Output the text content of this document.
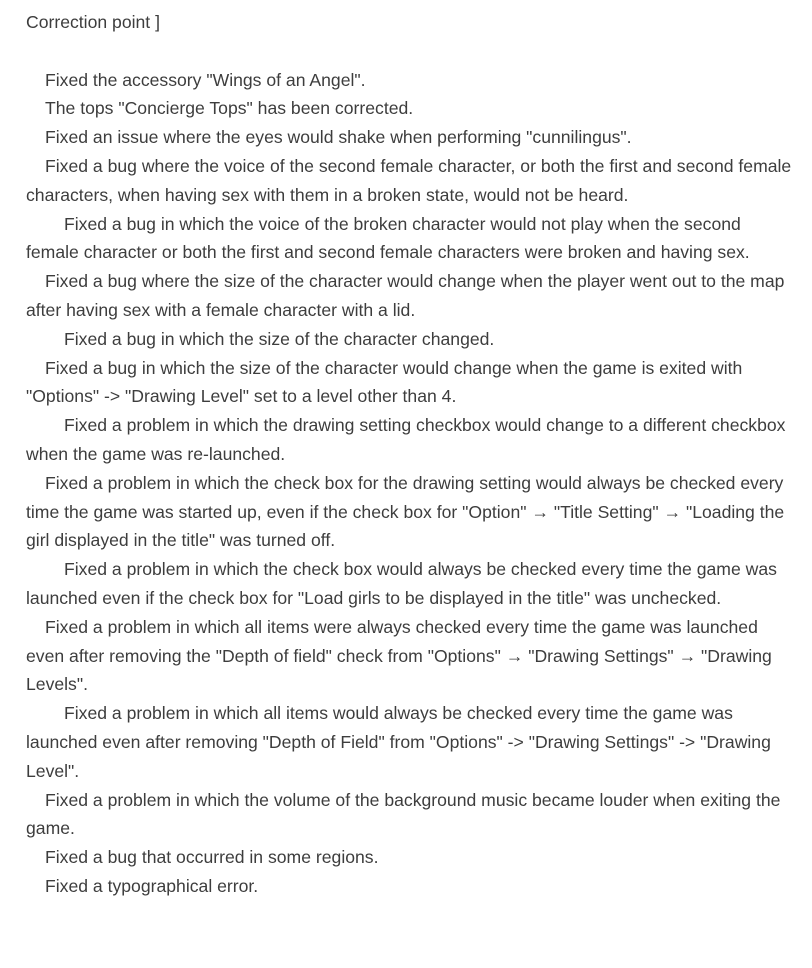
Correction point ]

Fixed the accessory "Wings of an Angel".

The tops "Concierge Tops" has been corrected.

Fixed an issue where the eyes would shake when performing "cunnilingus".

Fixed a bug where the voice of the second female character, or both the first and second female characters, when having sex with them in a broken state, would not be heard.

Fixed a bug in which the voice of the broken character would not play when the second female character or both the first and second female characters were broken and having sex.

Fixed a bug where the size of the character would change when the player went out to the map after having sex with a female character with a lid.

Fixed a bug in which the size of the character changed.

Fixed a bug in which the size of the character would change when the game is exited with "Options" -> "Drawing Level" set to a level other than 4.

Fixed a problem in which the drawing setting checkbox would change to a different checkbox when the game was re-launched.

Fixed a problem in which the check box for the drawing setting would always be checked every time the game was started up, even if the check box for "Option" → "Title Setting" → "Loading the girl displayed in the title" was turned off.

Fixed a problem in which the check box would always be checked every time the game was launched even if the check box for "Load girls to be displayed in the title" was unchecked.

Fixed a problem in which all items were always checked every time the game was launched even after removing the "Depth of field" check from "Options" → "Drawing Settings" → "Drawing Levels".

Fixed a problem in which all items would always be checked every time the game was launched even after removing "Depth of Field" from "Options" -> "Drawing Settings" -> "Drawing Level".

Fixed a problem in which the volume of the background music became louder when exiting the game.

Fixed a bug that occurred in some regions.

Fixed a typographical error.
